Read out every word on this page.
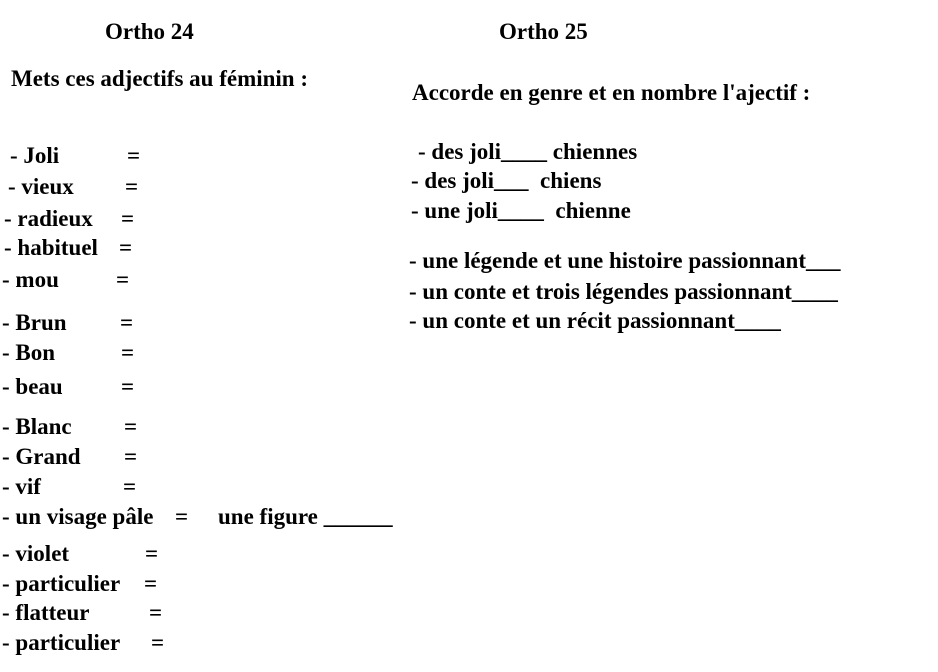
Ortho 24
Mets ces adjectifs au féminin :
- Joli	=
- vieux =
- radieux =
- habituel =
- mou =
- Brun =
- Bon	=
- beau	=
- Blanc =
- Grand =
- vif	=
- un visage pâle = une figure ______
- violet	=
- particulier =
- flatteur	=
- particulier =
Ortho 25
Accorde en genre et en nombre l'ajectif :
- des joli____ chiennes
- des joli___  chiens
- une joli____  chienne
- une légende et une histoire passionnant___
- un conte et trois légendes passionnant____
- un conte et un récit passionnant____
